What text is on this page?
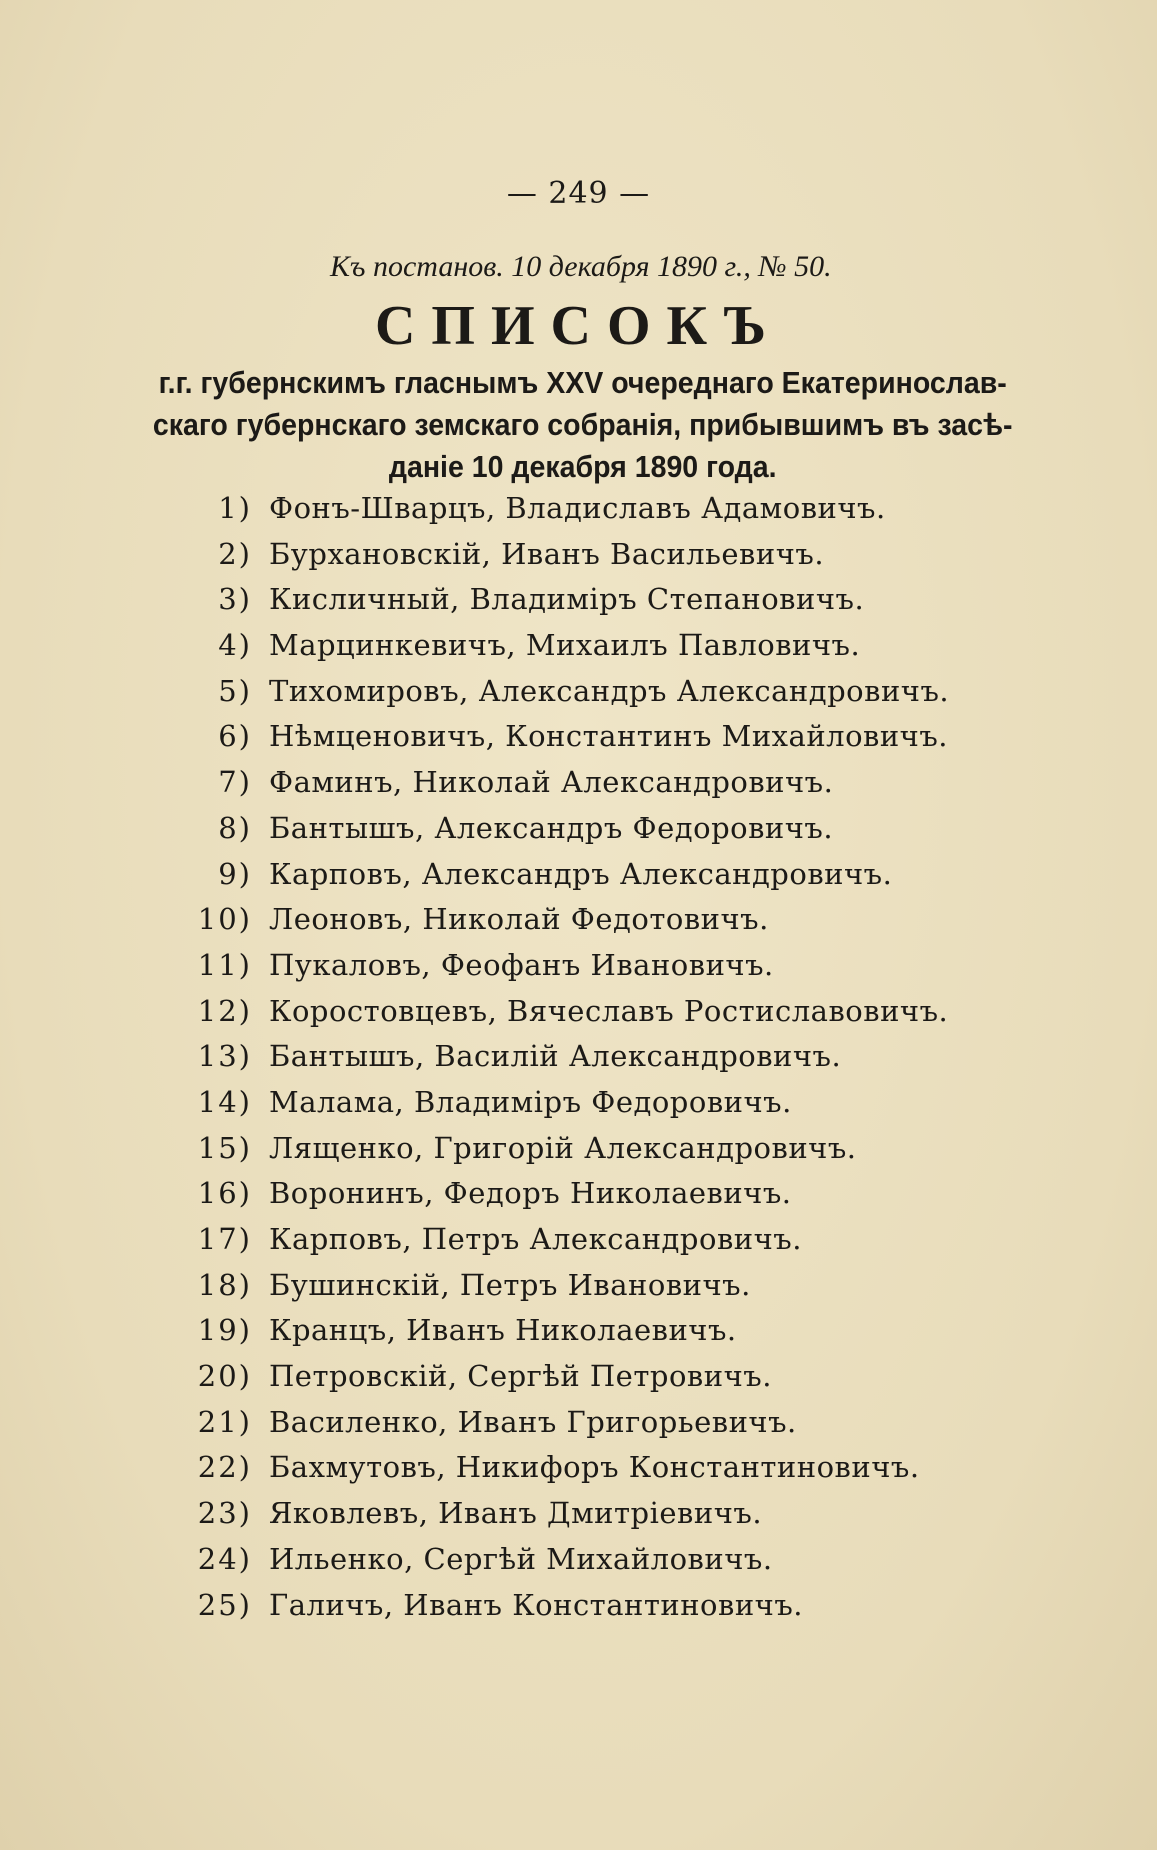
— 249 —
Къ постанов. 10 декабря 1890 г., № 50.
СПИСОКЪ
г.г. губернскимъ гласнымъ XXV очереднаго Екатеринослав-
скаго губернскаго земскаго собранія, прибывшимъ въ засѣ-
даніе 10 декабря 1890 года.
1) Фонъ-Шварцъ, Владиславъ Адамовичъ.
2) Бурхановскій, Иванъ Васильевичъ.
3) Кисличный, Владиміръ Степановичъ.
4) Марцинкевичъ, Михаилъ Павловичъ.
5) Тихомировъ, Александръ Александровичъ.
6) Нѣмценовичъ, Константинъ Михайловичъ.
7) Фаминъ, Николай Александровичъ.
8) Бантышъ, Александръ Федоровичъ.
9) Карповъ, Александръ Александровичъ.
10) Леоновъ, Николай Федотовичъ.
11) Пукаловъ, Феофанъ Ивановичъ.
12) Коростовцевъ, Вячеславъ Ростиславовичъ.
13) Бантышъ, Василій Александровичъ.
14) Малама, Владиміръ Федоровичъ.
15) Лященко, Григорій Александровичъ.
16) Воронинъ, Федоръ Николаевичъ.
17) Карповъ, Петръ Александровичъ.
18) Бушинскій, Петръ Ивановичъ.
19) Кранцъ, Иванъ Николаевичъ.
20) Петровскій, Сергѣй Петровичъ.
21) Василенко, Иванъ Григорьевичъ.
22) Бахмутовъ, Никифоръ Константиновичъ.
23) Яковлевъ, Иванъ Дмитріевичъ.
24) Ильенко, Сергѣй Михайловичъ.
25) Галичъ, Иванъ Константиновичъ.
